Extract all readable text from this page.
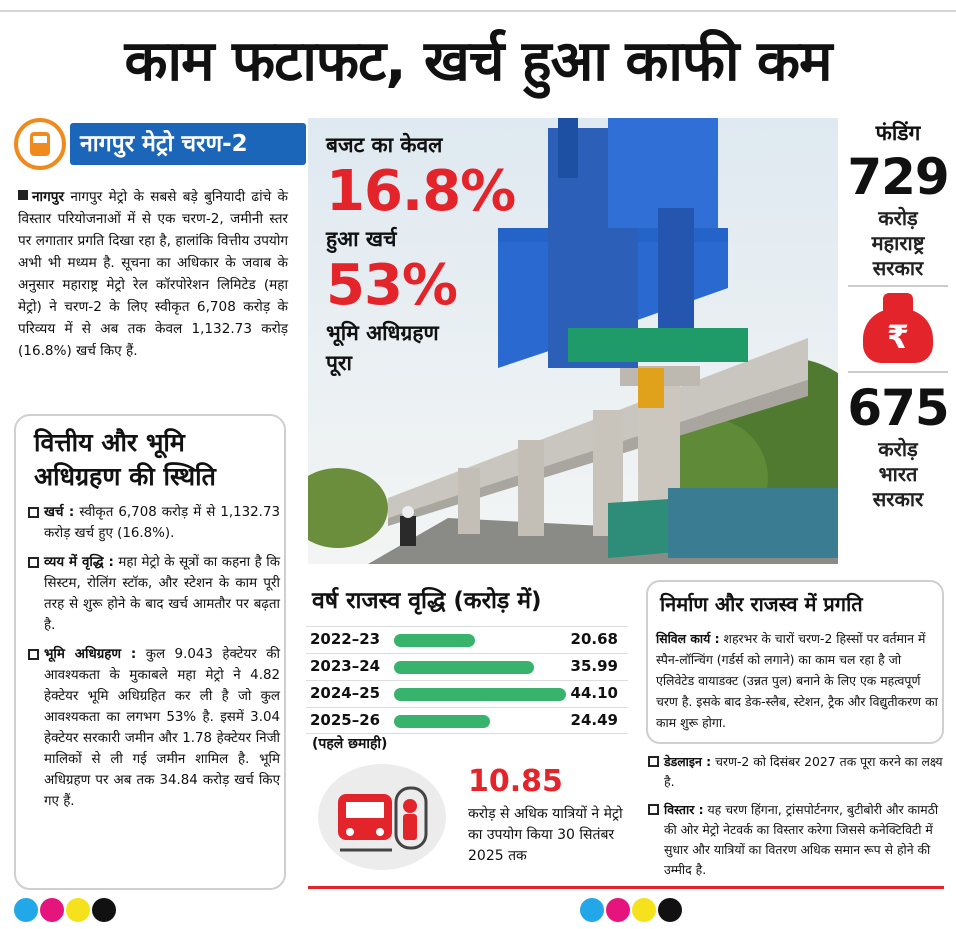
काम फटाफट, खर्च हुआ काफी कम
नागपुर मेट्रो चरण-2
नागपुर नागपुर मेट्रो के सबसे बड़े बुनियादी ढांचे के विस्तार परियोजनाओं में से एक चरण-2, जमीनी स्तर पर लगातार प्रगति दिखा रहा है, हालांकि वित्तीय उपयोग अभी भी मध्यम है. सूचना का अधिकार के जवाब के अनुसार महाराष्ट्र मेट्रो रेल कॉरपोरेशन लिमिटेड (महा मेट्रो) ने चरण-2 के लिए स्वीकृत 6,708 करोड़ के परिव्यय में से अब तक केवल 1,132.73 करोड़ (16.8%) खर्च किए हैं.
वित्तीय और भूमि अधिग्रहण की स्थिति
खर्च : स्वीकृत 6,708 करोड़ में से 1,132.73 करोड़ खर्च हुए (16.8%).
व्यय में वृद्धि : महा मेट्रो के सूत्रों का कहना है कि सिस्टम, रोलिंग स्टॉक, और स्टेशन के काम पूरी तरह से शुरू होने के बाद खर्च आमतौर पर बढ़ता है.
भूमि अधिग्रहण : कुल 9.043 हेक्टेयर की आवश्यकता के मुकाबले महा मेट्रो ने 4.82 हेक्टेयर भूमि अधिग्रहित कर ली है जो कुल आवश्यकता का लगभग 53% है. इसमें 3.04 हेक्टेयर सरकारी जमीन और 1.78 हेक्टेयर निजी मालिकों से ली गई जमीन शामिल है. भूमि अधिग्रहण पर अब तक 34.84 करोड़ खर्च किए गए हैं.
बजट का केवल
16.8%
हुआ खर्च
53%
भूमि अधिग्रहण
पूरा
फंडिंग
729
करोड़
महाराष्ट्र
सरकार
₹
675
करोड़
भारत
सरकार
वर्ष राजस्व वृद्धि (करोड़ में)
2022–23	20.68
2023–24	35.99
2024–25	44.10
2025–26	24.49
(पहले छमाही)
10.85
करोड़ से अधिक यात्रियों ने मेट्रो का उपयोग किया 30 सितंबर 2025 तक
निर्माण और राजस्व में प्रगति
सिविल कार्य : शहरभर के चारों चरण-2 हिस्सों पर वर्तमान में स्पैन-लॉन्चिंग (गर्डर्स को लगाने) का काम चल रहा है जो एलिवेटेड वायाडक्ट (उन्नत पुल) बनाने के लिए एक महत्वपूर्ण चरण है. इसके बाद डेक-स्लैब, स्टेशन, ट्रैक और विद्युतीकरण का काम शुरू होगा.
डेडलाइन : चरण-2 को दिसंबर 2027 तक पूरा करने का लक्ष्य है.
विस्तार : यह चरण हिंगना, ट्रांसपोर्टनगर, बुटीबोरी और कामठी की ओर मेट्रो नेटवर्क का विस्तार करेगा जिससे कनेक्टिविटी में सुधार और यात्रियों का वितरण अधिक समान रूप से होने की उम्मीद है.
